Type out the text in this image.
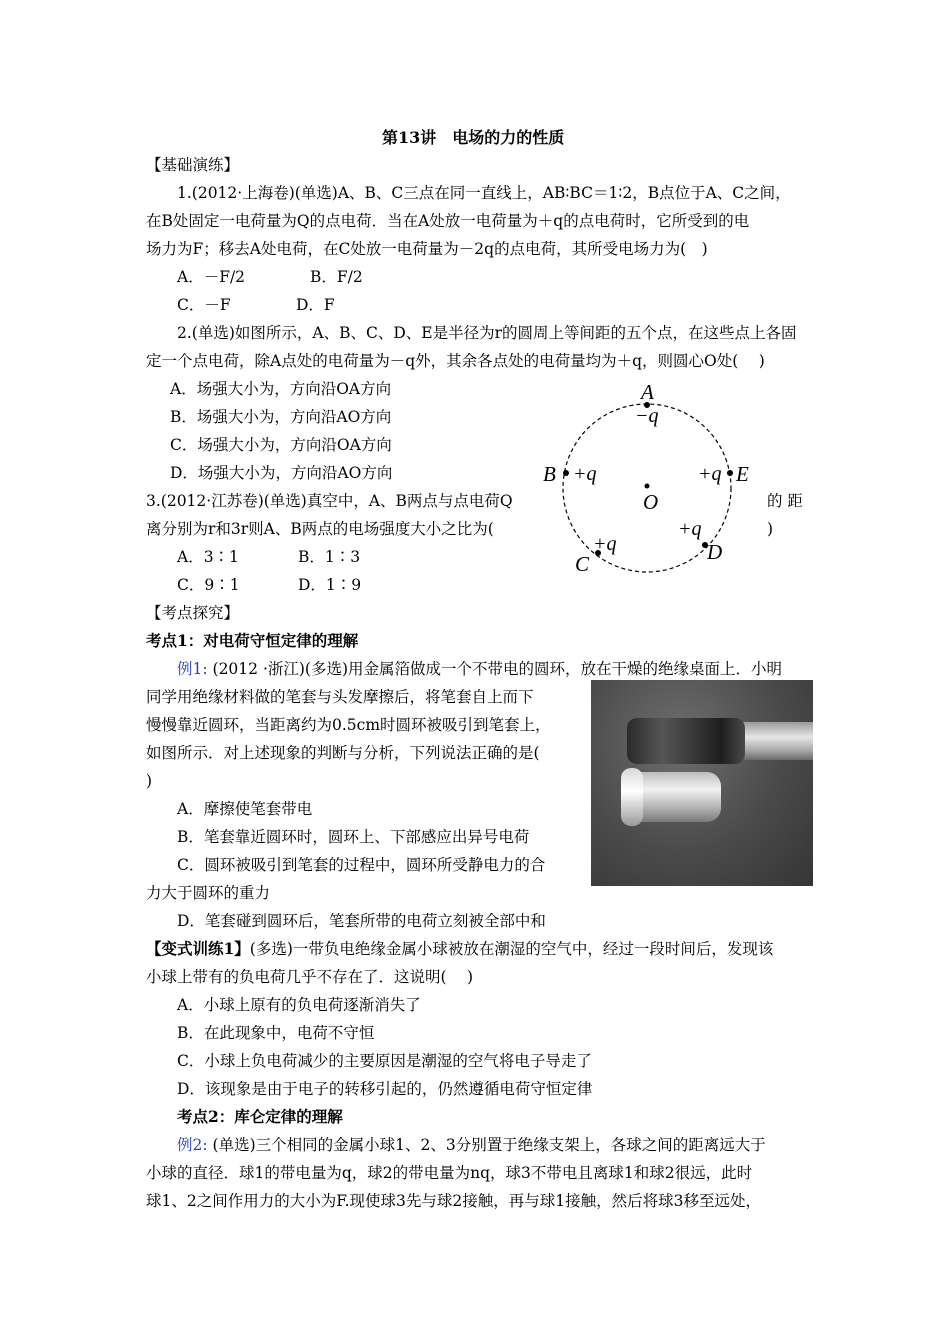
第13讲　电场的力的性质
【基础演练】
1.(2012·上海卷)(单选)A、B、C三点在同一直线上，AB∶BC＝1∶2，B点位于A、C之间，
在B处固定一电荷量为Q的点电荷．当在A处放一电荷量为＋q的点电荷时，它所受到的电
场力为F；移去A处电荷，在C处放一电荷量为－2q的点电荷，其所受电场力为(　)
A．－F/2	B．F/2
C．－F	D．F
2.(单选)如图所示，A、B、C、D、E是半径为r的圆周上等间距的五个点，在这些点上各固
定一个点电荷，除A点处的电荷量为－q外，其余各点处的电荷量均为＋q，则圆心O处(　 )
A．场强大小为，方向沿OA方向
B．场强大小为，方向沿AO方向
C．场强大小为，方向沿OA方向
D．场强大小为，方向沿AO方向
A
B	E
C	D
O
−q
+q	+q
+q
+q
3.(2012·江苏卷)(单选)真空中，A、B两点与点电荷Q	的 距
离分别为r和3r则A、B两点的电场强度大小之比为(	)
A．3∶1	B．1∶3
C．9∶1	D．1∶9
【考点探究】
考点1：对电荷守恒定律的理解
例1: (2012 ·浙江)(多选)用金属箔做成一个不带电的圆环，放在干燥的绝缘桌面上．小明
同学用绝缘材料做的笔套与头发摩擦后，将笔套自上而下
慢慢靠近圆环，当距离约为0.5cm时圆环被吸引到笔套上，
如图所示．对上述现象的判断与分析，下列说法正确的是(
)
A．摩擦使笔套带电
B．笔套靠近圆环时，圆环上、下部感应出异号电荷
C．圆环被吸引到笔套的过程中，圆环所受静电力的合
力大于圆环的重力
D．笔套碰到圆环后，笔套所带的电荷立刻被全部中和
【变式训练1】(多选)一带负电绝缘金属小球被放在潮湿的空气中，经过一段时间后，发现该
小球上带有的负电荷几乎不存在了．这说明(　 )
A．小球上原有的负电荷逐渐消失了
B．在此现象中，电荷不守恒
C．小球上负电荷减少的主要原因是潮湿的空气将电子导走了
D．该现象是由于电子的转移引起的，仍然遵循电荷守恒定律
考点2：库仑定律的理解
例2: (单选)三个相同的金属小球1、2、3分别置于绝缘支架上，各球之间的距离远大于
小球的直径．球1的带电量为q，球2的带电量为nq，球3不带电且离球1和球2很远，此时
球1、2之间作用力的大小为F.现使球3先与球2接触，再与球1接触，然后将球3移至远处，
